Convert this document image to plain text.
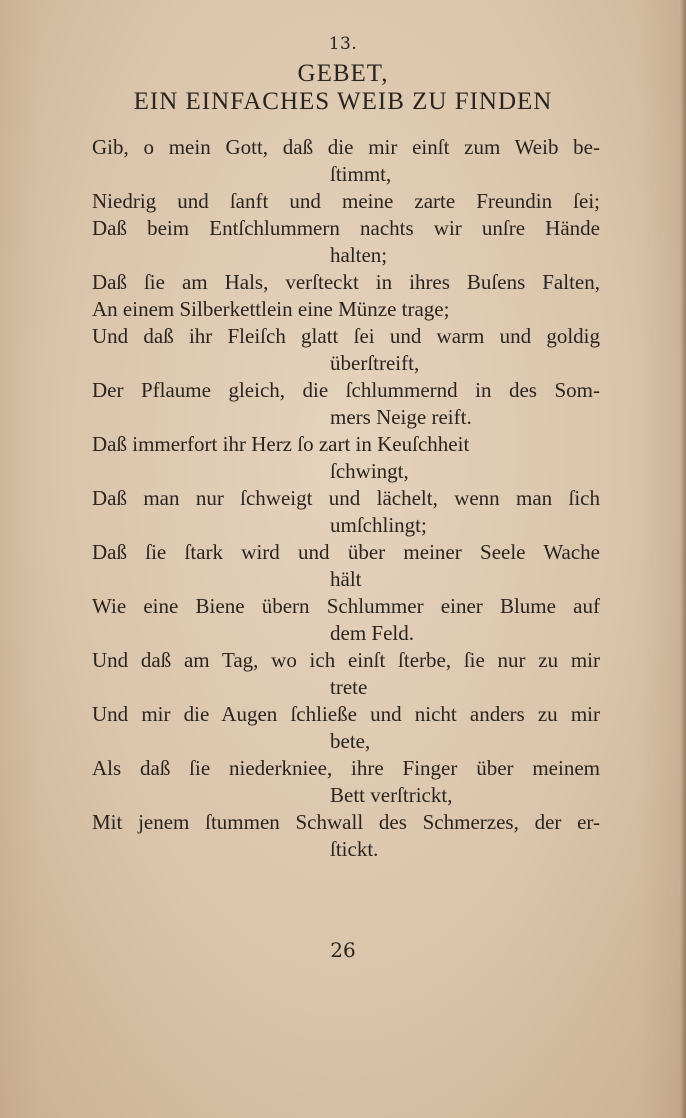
13.
GEBET,
EIN EINFACHES WEIB ZU FINDEN
Gib, o mein Gott, daß die mir einſt zum Weib be-
ſtimmt,
Niedrig und ſanft und meine zarte Freundin ſei;
Daß beim Entſchlummern nachts wir unſre Hände
halten;
Daß ſie am Hals, verſteckt in ihres Buſens Falten,
An einem Silberkettlein eine Münze trage;
Und daß ihr Fleiſch glatt ſei und warm und goldig
überſtreift,
Der Pflaume gleich, die ſchlummernd in des Som-
mers Neige reift.
Daß immerfort ihr Herz ſo zart in Keuſchheit
ſchwingt,
Daß man nur ſchweigt und lächelt, wenn man ſich
umſchlingt;
Daß ſie ſtark wird und über meiner Seele Wache
hält
Wie eine Biene übern Schlummer einer Blume auf
dem Feld.
Und daß am Tag, wo ich einſt ſterbe, ſie nur zu mir
trete
Und mir die Augen ſchließe und nicht anders zu mir
bete,
Als daß ſie niederkniee, ihre Finger über meinem
Bett verſtrickt,
Mit jenem ſtummen Schwall des Schmerzes, der er-
ſtickt.
26
